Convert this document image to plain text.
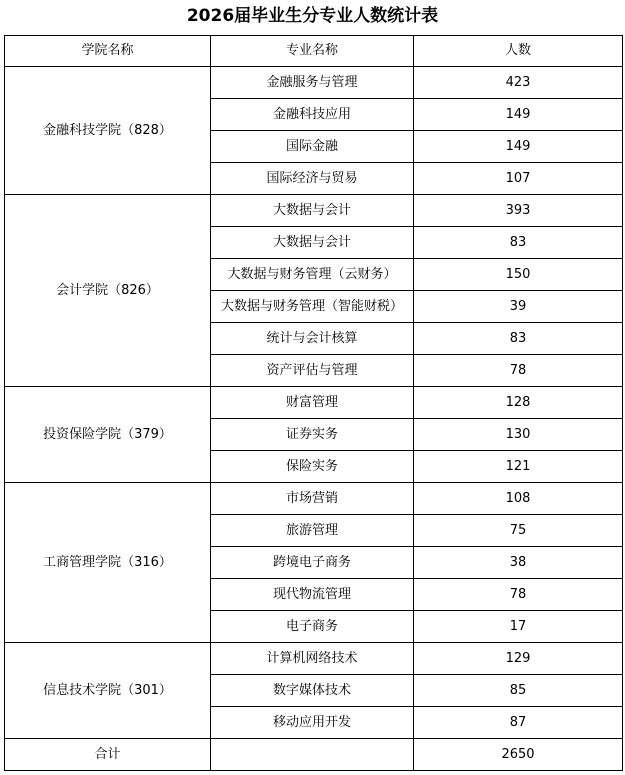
2026届毕业生分专业人数统计表
学院名称	专业名称	人数
金融科技学院（828）	金融服务与管理	423
	金融科技应用	149
	国际金融	149
	国际经济与贸易	107
会计学院（826）	大数据与会计	393
	大数据与会计	83
	大数据与财务管理（云财务）	150
	大数据与财务管理（智能财税）	39
	统计与会计核算	83
	资产评估与管理	78
投资保险学院（379）	财富管理	128
	证券实务	130
	保险实务	121
工商管理学院（316）	市场营销	108
	旅游管理	75
	跨境电子商务	38
	现代物流管理	78
	电子商务	17
信息技术学院（301）	计算机网络技术	129
	数字媒体技术	85
	移动应用开发	87
合计		2650
